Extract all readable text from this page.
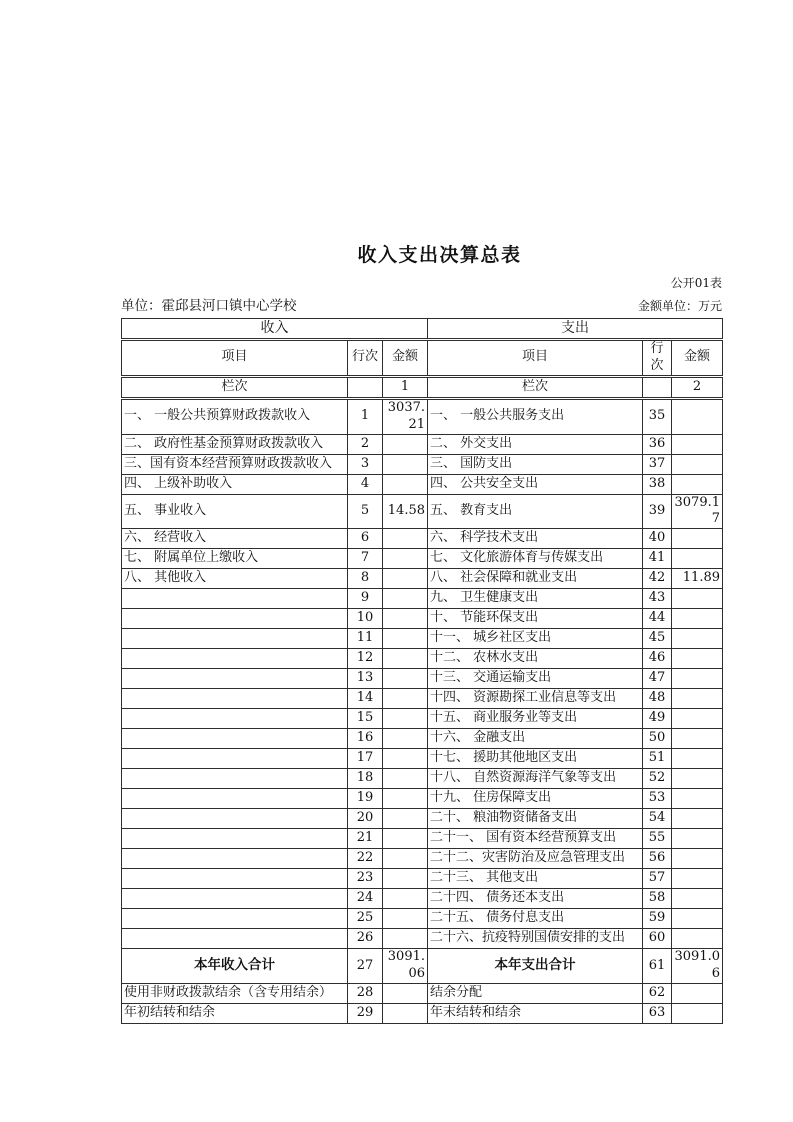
收入支出决算总表
公开01表
单位：霍邱县河口镇中心学校	金额单位：万元
收入			支出		
项目	行次	金额	项目	行次	金额
栏次		1	栏次		2
一、 一般公共预算财政拨款收入	1	3037.21	一、 一般公共服务支出	35	
二、 政府性基金预算财政拨款收入	2		二、 外交支出	36	
三、国有资本经营预算财政拨款收入	3		三、 国防支出	37	
四、 上级补助收入	4		四、 公共安全支出	38	
五、 事业收入	5	14.58	五、 教育支出	39	3079.17
六、 经营收入	6		六、 科学技术支出	40	
七、 附属单位上缴收入	7		七、 文化旅游体育与传媒支出	41	
八、 其他收入	8		八、 社会保障和就业支出	42	11.89
	9		九、 卫生健康支出	43	
	10		十、 节能环保支出	44	
	11		十一、 城乡社区支出	45	
	12		十二、 农林水支出	46	
	13		十三、 交通运输支出	47	
	14		十四、 资源勘探工业信息等支出	48	
	15		十五、 商业服务业等支出	49	
	16		十六、 金融支出	50	
	17		十七、 援助其他地区支出	51	
	18		十八、 自然资源海洋气象等支出	52	
	19		十九、 住房保障支出	53	
	20		二十、 粮油物资储备支出	54	
	21		二十一、 国有资本经营预算支出	55	
	22		二十二、灾害防治及应急管理支出	56	
	23		二十三、 其他支出	57	
	24		二十四、 债务还本支出	58	
	25		二十五、 债务付息支出	59	
	26		二十六、抗疫特别国债安排的支出	60	
本年收入合计	27	3091.06	本年支出合计	61	3091.06
使用非财政拨款结余（含专用结余）	28		结余分配	62	
年初结转和结余	29		年末结转和结余	63	
